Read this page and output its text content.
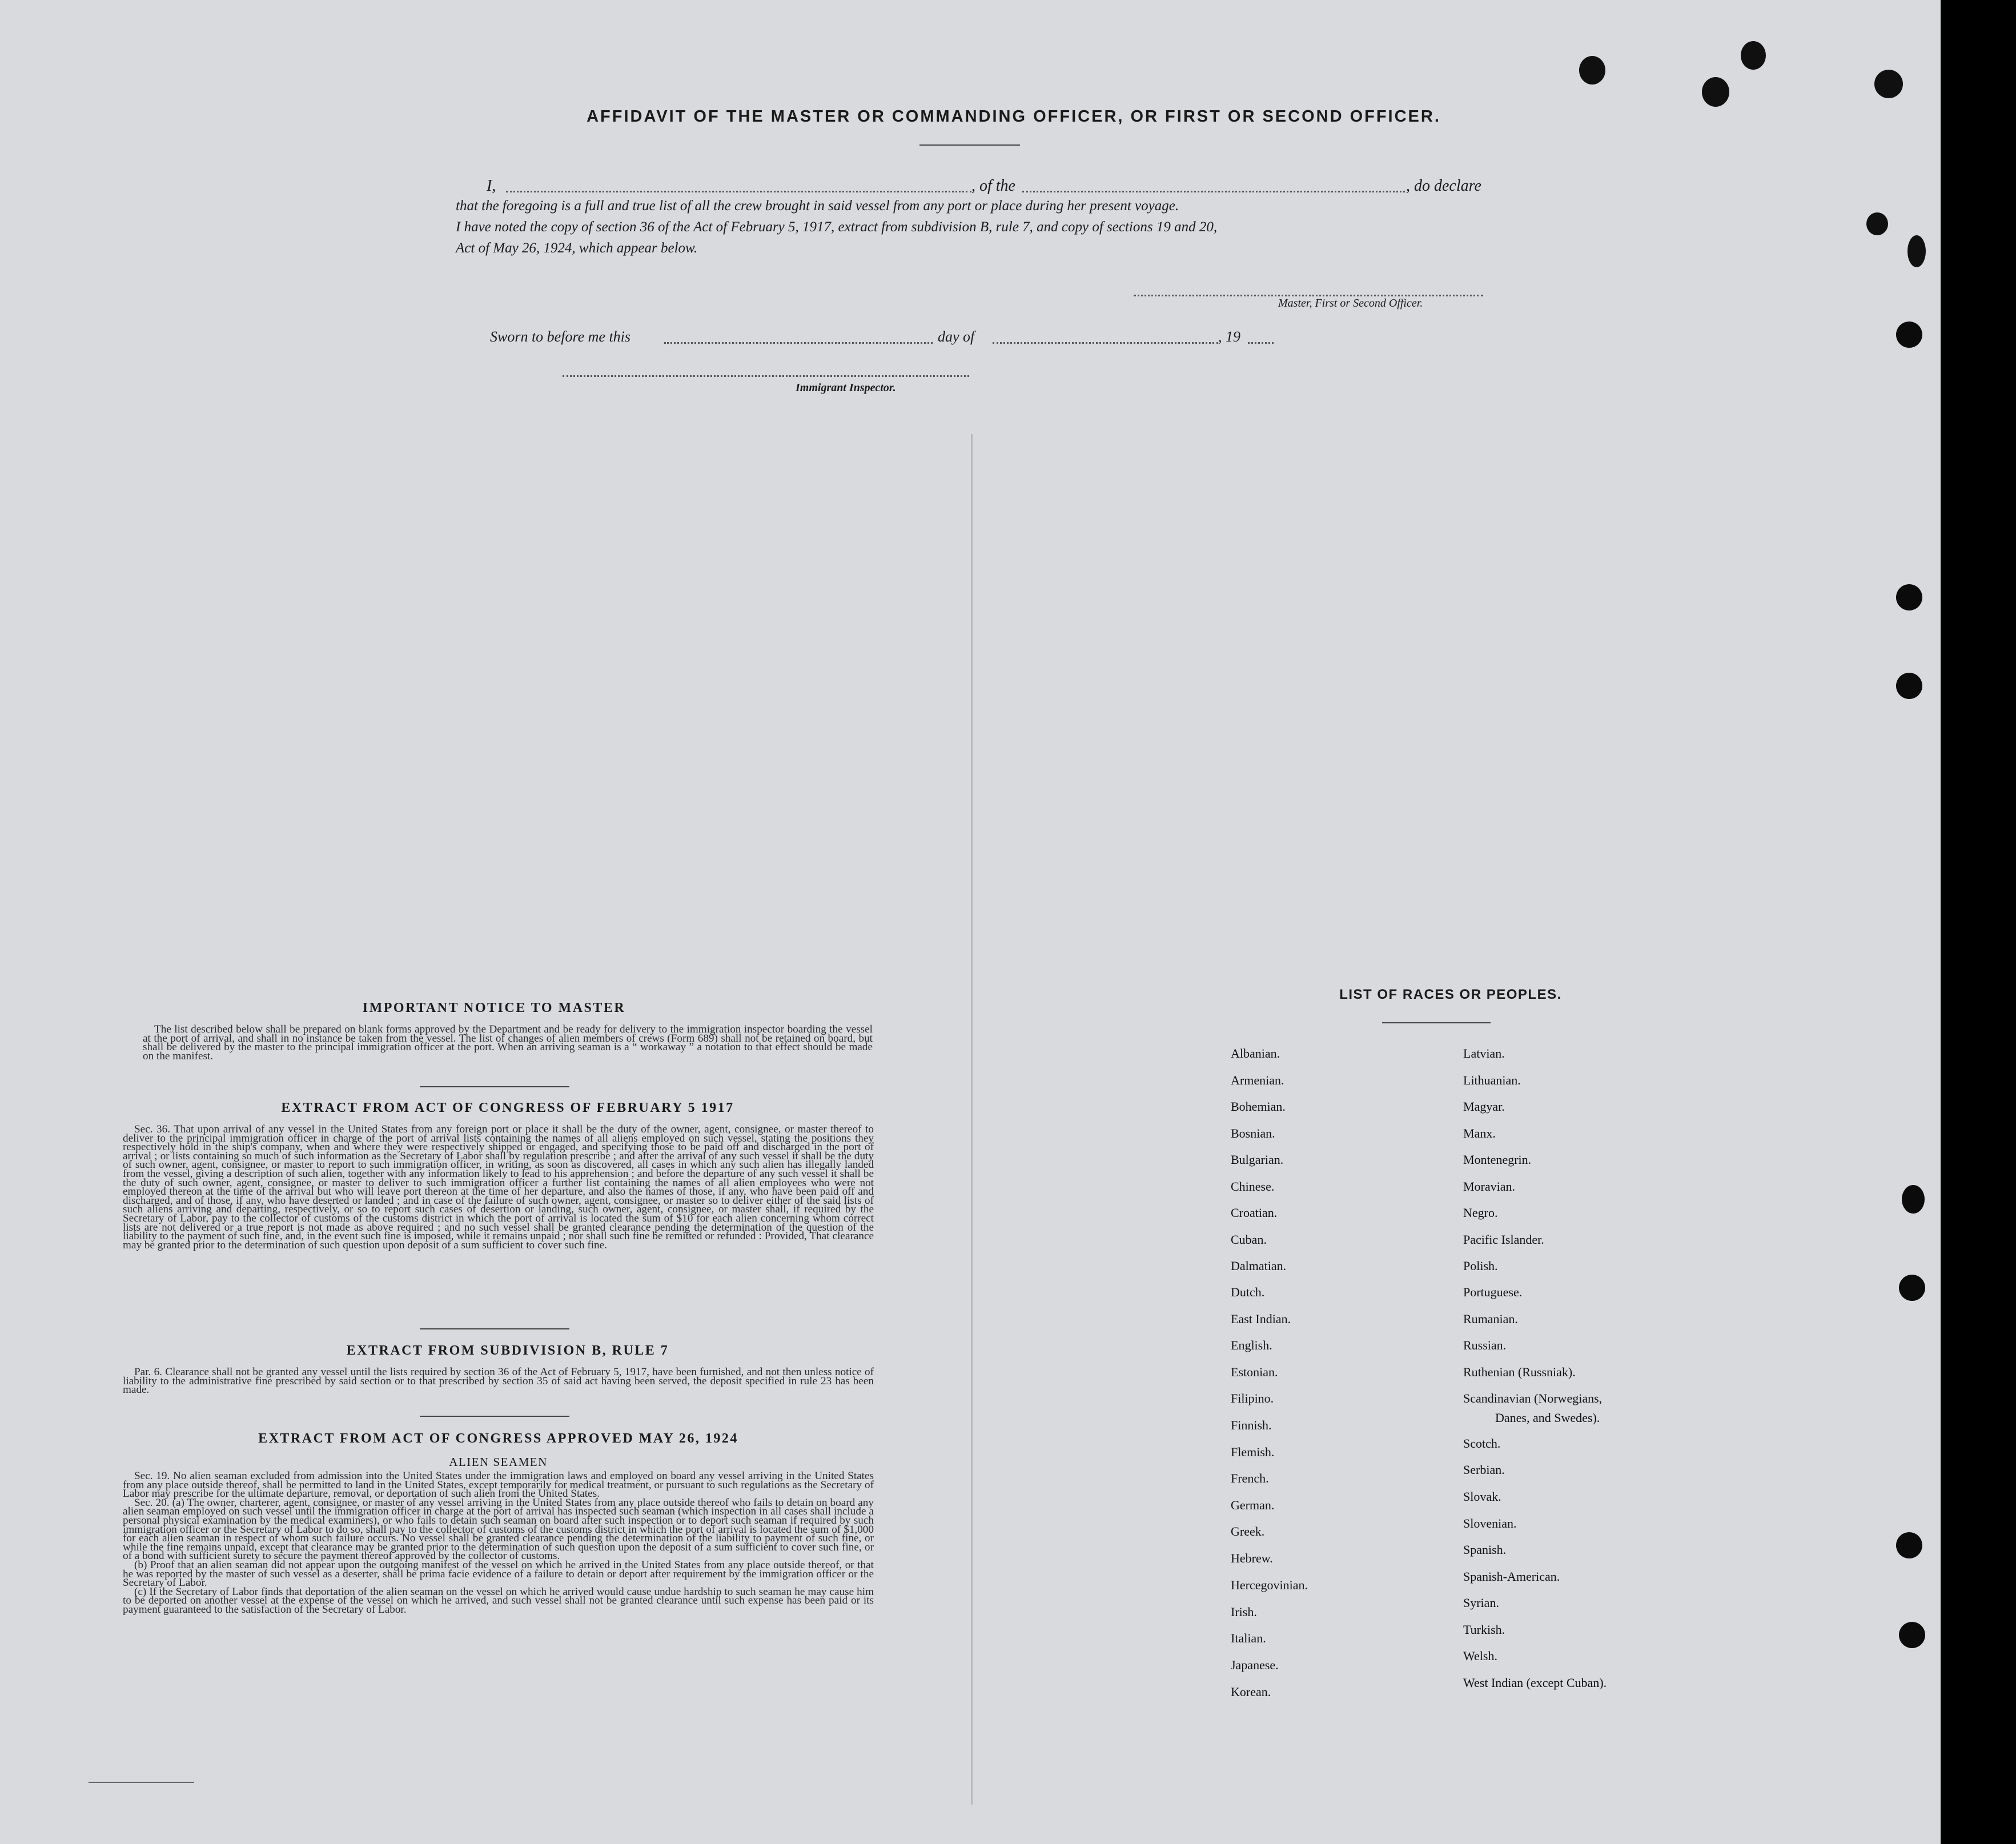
AFFIDAVIT OF THE MASTER OR COMMANDING OFFICER, OR FIRST OR SECOND OFFICER.
I,	, of the	, do declare
that the foregoing is a full and true list of all the crew brought in said vessel from any port or place during her present voyage.
I have noted the copy of section 36 of the Act of February 5, 1917, extract from subdivision B, rule 7, and copy of sections 19 and 20,
Act of May 26, 1924, which appear below.
Master, First or Second Officer.
Sworn to before me this	day of	, 19
Immigrant Inspector.
IMPORTANT NOTICE TO MASTER

The list described below shall be prepared on blank forms approved by the Department and be ready for delivery to the immigration inspector boarding the vessel at the port of arrival, and shall in no instance be taken from the vessel. The list of changes of alien members of crews (Form 689) shall not be retained on board, but shall be delivered by the master to the principal immigration officer at the port. When an arriving seaman is a “ workaway ” a notation to that effect should be made on the manifest.

EXTRACT FROM ACT OF CONGRESS OF FEBRUARY 5 1917

Sec. 36. That upon arrival of any vessel in the United States from any foreign port or place it shall be the duty of the owner, agent, consignee, or master thereof to deliver to the principal immigration officer in charge of the port of arrival lists containing the names of all aliens employed on such vessel, stating the positions they respectively hold in the ship's company, when and where they were respectively shipped or engaged, and specifying those to be paid off and discharged in the port of arrival ; or lists containing so much of such information as the Secretary of Labor shall by regulation prescribe ; and after the arrival of any such vessel it shall be the duty of such owner, agent, consignee, or master to report to such immigration officer, in writing, as soon as discovered, all cases in which any such alien has illegally landed from the vessel, giving a description of such alien, together with any information likely to lead to his apprehension ; and before the departure of any such vessel it shall be the duty of such owner, agent, consignee, or master to deliver to such immigration officer a further list containing the names of all alien employees who were not employed thereon at the time of the arrival but who will leave port thereon at the time of her departure, and also the names of those, if any, who have been paid off and discharged, and of those, if any, who have deserted or landed ; and in case of the failure of such owner, agent, consignee, or master so to deliver either of the said lists of such aliens arriving and departing, respectively, or so to report such cases of desertion or landing, such owner, agent, consignee, or master shall, if required by the Secretary of Labor, pay to the collector of customs of the customs district in which the port of arrival is located the sum of $10 for each alien concerning whom correct lists are not delivered or a true report is not made as above required ; and no such vessel shall be granted clearance pending the determination of the question of the liability to the payment of such fine, and, in the event such fine is imposed, while it remains unpaid ; nor shall such fine be remitted or refunded : Provided, That clearance may be granted prior to the determination of such question upon deposit of a sum sufficient to cover such fine.

EXTRACT FROM SUBDIVISION B, RULE 7

Par. 6. Clearance shall not be granted any vessel until the lists required by section 36 of the Act of February 5, 1917, have been furnished, and not then unless notice of liability to the administrative fine prescribed by said section or to that prescribed by section 35 of said act having been served, the deposit specified in rule 23 has been made.

EXTRACT FROM ACT OF CONGRESS APPROVED MAY 26, 1924
ALIEN SEAMEN

Sec. 19. No alien seaman excluded from admission into the United States under the immigration laws and employed on board any vessel arriving in the United States from any place outside thereof, shall be permitted to land in the United States, except temporarily for medical treatment, or pursuant to such regulations as the Secretary of Labor may prescribe for the ultimate departure, removal, or deportation of such alien from the United States.

Sec. 20. (a) The owner, charterer, agent, consignee, or master of any vessel arriving in the United States from any place outside thereof who fails to detain on board any alien seaman employed on such vessel until the immigration officer in charge at the port of arrival has inspected such seaman (which inspection in all cases shall include a personal physical examination by the medical examiners), or who fails to detain such seaman on board after such inspection or to deport such seaman if required by such immigration officer or the Secretary of Labor to do so, shall pay to the collector of customs of the customs district in which the port of arrival is located the sum of $1,000 for each alien seaman in respect of whom such failure occurs. No vessel shall be granted clearance pending the determination of the liability to payment of such fine, or while the fine remains unpaid, except that clearance may be granted prior to the determination of such question upon the deposit of a sum sufficient to cover such fine, or of a bond with sufficient surety to secure the payment thereof approved by the collector of customs.

(b) Proof that an alien seaman did not appear upon the outgoing manifest of the vessel on which he arrived in the United States from any place outside thereof, or that he was reported by the master of such vessel as a deserter, shall be prima facie evidence of a failure to detain or deport after requirement by the immigration officer or the Secretary of Labor.

(c) If the Secretary of Labor finds that deportation of the alien seaman on the vessel on which he arrived would cause undue hardship to such seaman he may cause him to be deported on another vessel at the expense of the vessel on which he arrived, and such vessel shall not be granted clearance until such expense has been paid or its payment guaranteed to the satisfaction of the Secretary of Labor.

LIST OF RACES OR PEOPLES.
Albanian.
Armenian.
Bohemian.
Bosnian.
Bulgarian.
Chinese.
Croatian.
Cuban.
Dalmatian.
Dutch.
East Indian.
English.
Estonian.
Filipino.
Finnish.
Flemish.
French.
German.
Greek.
Hebrew.
Hercegovinian.
Irish.
Italian.
Japanese.
Korean.
Latvian.
Lithuanian.
Magyar.
Manx.
Montenegrin.
Moravian.
Negro.
Pacific Islander.
Polish.
Portuguese.
Rumanian.
Russian.
Ruthenian (Russniak).
Scandinavian (Norwegians,
Scotch.
Serbian.
Slovak.
Slovenian.
Spanish.
Spanish-American.
Syrian.
Turkish.
Welsh.
West Indian (except Cuban).
Danes, and Swedes).
